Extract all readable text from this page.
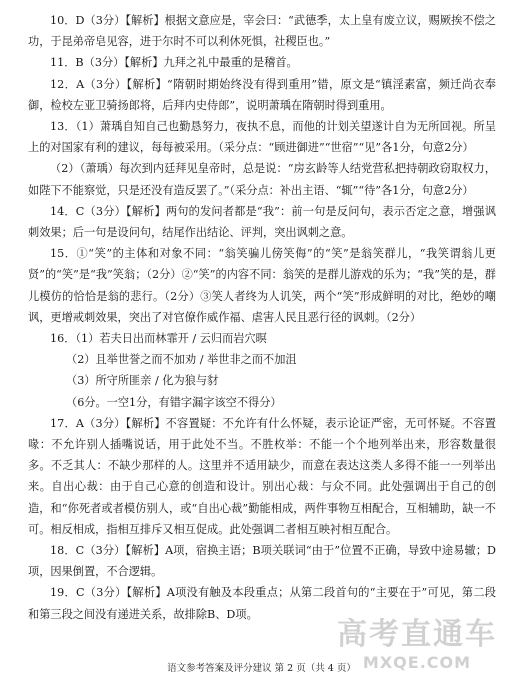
10．D（3分）【解析】根据文意应是，宰会曰：“武德季，太上皇有废立议，赐厥挨不偿之功，于昆弟帝皂见容，进于尔时不可以利休死惧，社稷臣也。”

11．B（3分）【解析】九拜之礼中最重的是稽首。

12．A（3分）【解析】“隋朝时期始终没有得到重用”错，原文是“镇淫素富，频迁尚衣奉御，检校左亚卫骑扬郎将，后拜内史侍郎”，说明萧瑀在隋朝时得到重用。

13．（1）萧瑀自知自己也勤恳努力，夜执不息，而他的计划关望遂计自为无所回视。所呈上的对国家有利的建议，每每被采用。（采分点：“顾进御进”“世宿”“见”各1分，句意2分）

（2）（萧瑀）每次到内廷拜见皇帝时，总是说：“房玄龄等人结党营私把持朝政窃取权力，如陛下不能察觉，只是还没有造反罢了。”（采分点：补出主语、“辄”“待”各1分，句意2分）

14．C（3分）【解析】两句的发问者都是“我”：前一句是反问句，表示否定之意，增强讽刺效果；后一句是设问句，结尾作出结论、评判，突出讽刺之意。

15．①“笑”的主体和对象不同：“翁笑骗儿傍笑侮”的“笑”是翁笑群儿，“我笑谓翁儿更贤”的“笑”是“我”笑翁；（2分）②“笑”的内容不同：翁笑的是群儿游戏的乐为；“我”笑的是，群儿模仿的恰恰是翁的悲行。（2分）③笑人者终为人讥笑，两个“笑”形成鲜明的对比，绝妙的嘲讽，更增戒刺效果，突出了对官僚作威作福、虐害人民且恶行径的讽刺。（2分）

16．（1）若夫日出而林霏开 / 云归而岩穴暝

（2）且举世誉之而不加劝 / 举世非之而不加沮

（3）所守所匪亲 / 化为狼与豺

（6分。一空1分，有错字漏字该空不得分）

17．A（3分）【解析】不容置疑：不允许有什么怀疑，表示论证严密，无可怀疑。不容置喙：不允许别人插嘴说话，用于此处不当。不胜枚举：不能一个个地列举出来，形容数量很多。不乏其人：不缺少那样的人。这里并不适用缺少，而意在表达这类人多得不能一一列举出来。自出心裁：由于自己心意的创造和设计。别出心裁：与众不同。此处强调出于自己的创造，和“你死者或者模仿别人，或“自出心裁”勤能相成，两件事物互相配合，互相辅助，缺一不可。相反相成，指相互排斥又相互促成。此处强调二者相互映衬相互配合。

18．C（3分）【解析】A项，宿换主语；B项关联词“由于”位置不正确，导致中途易辙；D项，因果倒置，不合逻辑。

19．C（3分）【解析】A项没有触及本段重点；从第二段首句的“主要在于”可见，第二段和第三段之间没有递进关系，故排除B、D项。

语文参考答案及评分建议 第 2 页（共 4 页）
高考直通车
MXQE.COM
